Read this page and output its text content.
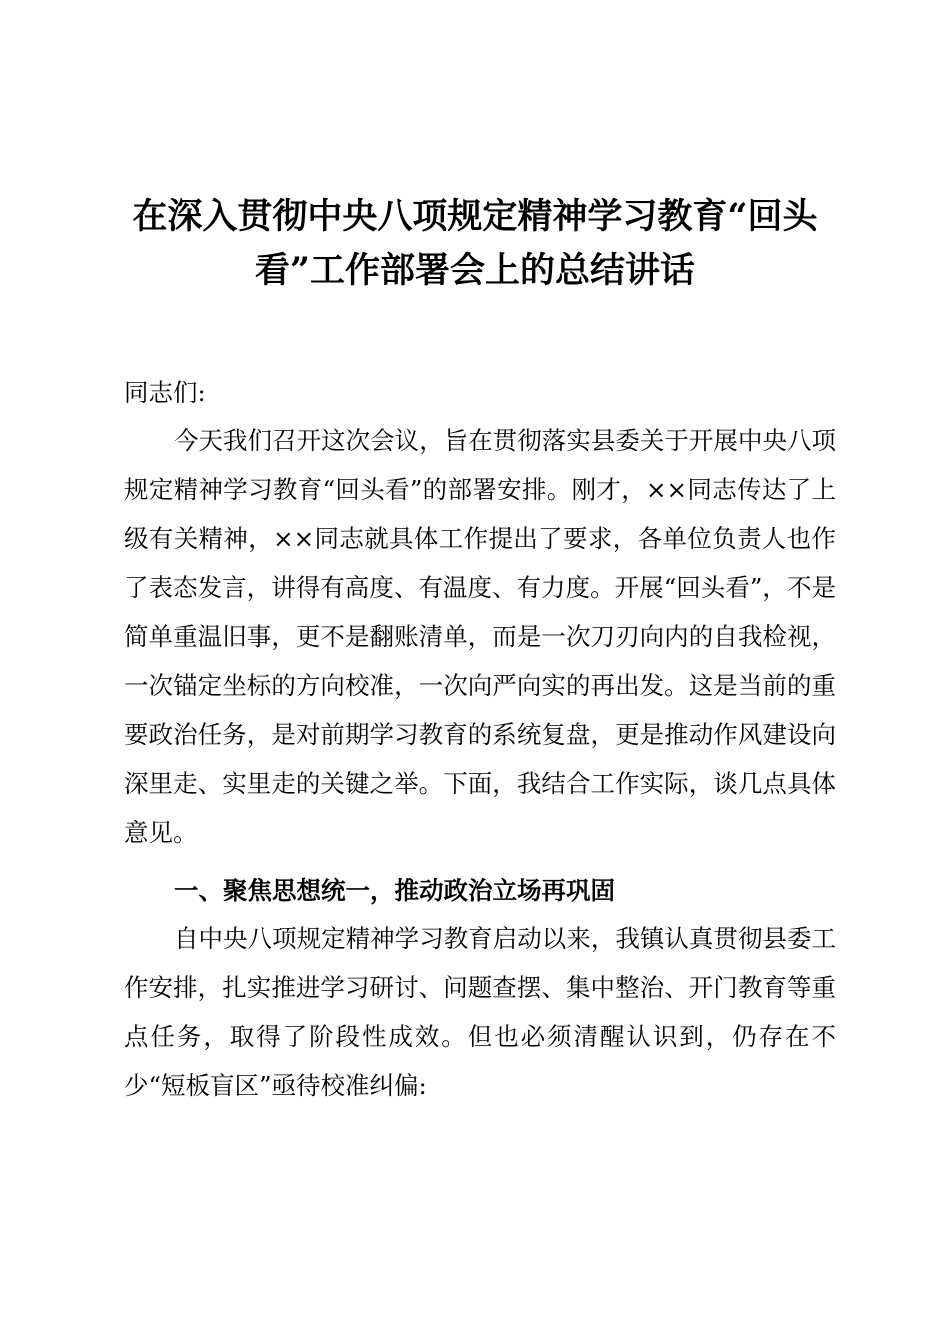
在深入贯彻中央八项规定精神学习教育“回头
看”工作部署会上的总结讲话

同志们:

今天我们召开这次会议，旨在贯彻落实县委关于开展中央八项规定精神学习教育“回头看”的部署安排。刚才，××同志传达了上级有关精神，××同志就具体工作提出了要求，各单位负责人也作了表态发言，讲得有高度、有温度、有力度。开展“回头看”，不是简单重温旧事，更不是翻账清单，而是一次刀刃向内的自我检视，一次锚定坐标的方向校准，一次向严向实的再出发。这是当前的重要政治任务，是对前期学习教育的系统复盘，更是推动作风建设向深里走、实里走的关键之举。下面，我结合工作实际，谈几点具体意见。

一、聚焦思想统一，推动政治立场再巩固

自中央八项规定精神学习教育启动以来，我镇认真贯彻县委工作安排，扎实推进学习研讨、问题查摆、集中整治、开门教育等重点任务，取得了阶段性成效。但也必须清醒认识到，仍存在不少“短板盲区”亟待校准纠偏:
